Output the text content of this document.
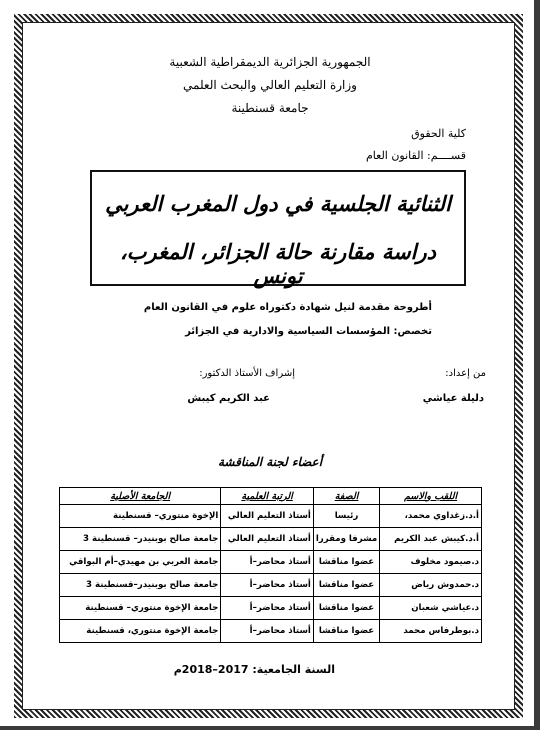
الجمهورية الجزائرية الديمقراطية الشعبية
وزارة التعليم العالي والبحث العلمي
جامعة قسنطينة
كلية الحقوق
قســــم: القانون العام
الثنائية الجلسية في دول المغرب العربي
دراسة مقارنة حالة الجزائر، المغرب، تونس
أطروحة مقدمة لنيل شهادة دكتوراه علوم في القانون العام
تخصص: المؤسسات السياسية والادارية في الجزائر
من إعداد:
إشراف الأستاذ الدكتور:
دليلة عياشي
عبد الكريم كيبش
أعضاء لجنة المناقشة
اللقب والاسم	الصفة	الرتبة العلمية	الجامعة الأصلية
أ.د.زغداوي محمد،	رئيسا	أستاذ التعليم العالي	الإخوة منتوري– قسنطينة
أ.د.كيبش عبد الكريم	مشرفا ومقررا	أستاذ التعليم العالي	جامعة صالح بوبنيدر– قسنطينة 3
د.صيمود مخلوف	عضوا مناقشا	أستاذ محاضر–أ	جامعة العربي بن مهيدي–أم البواقي
د.حمدوش رياض	عضوا مناقشا	أستاذ محاضر–أ	جامعة صالح بوبنيدر–قسنطينة 3
د.عياشي شعبان	عضوا مناقشا	أستاذ محاضر–أ	جامعة الإخوة منتوري– قسنطينة
د.بوطرفاس محمد	عضوا مناقشا	أستاذ محاضر–أ	جامعة الإخوة منتوري، قسنطينة
السنة الجامعية: 2017–2018م
